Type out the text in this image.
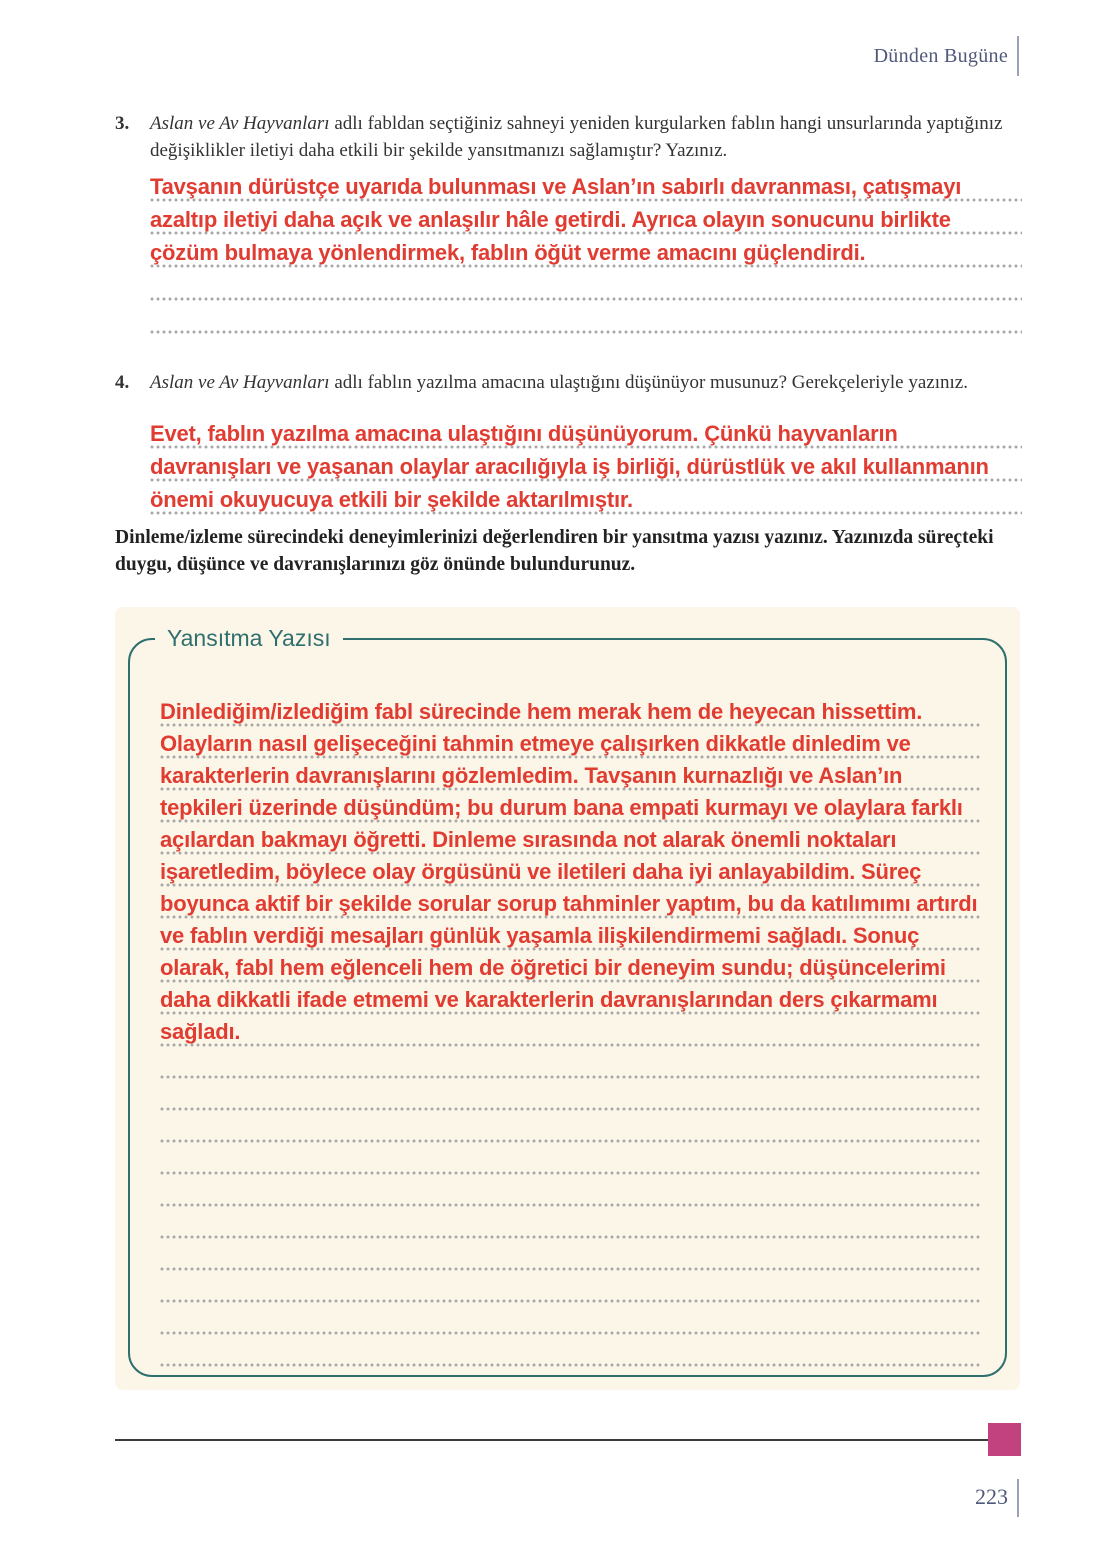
Dünden Bugüne
3.	Aslan ve Av Hayvanları adlı fabldan seçtiğiniz sahneyi yeniden kurgularken fablın hangi unsurlarında yaptığınız değişiklikler iletiyi daha etkili bir şekilde yansıtmanızı sağlamıştır? Yazınız.
Tavşanın dürüstçe uyarıda bulunması ve Aslan’ın sabırlı davranması, çatışmayı azaltıp iletiyi daha açık ve anlaşılır hâle getirdi. Ayrıca olayın sonucunu birlikte çözüm bulmaya yönlendirmek, fablın öğüt verme amacını güçlendirdi.
4.	Aslan ve Av Hayvanları adlı fablın yazılma amacına ulaştığını düşünüyor musunuz? Gerekçeleriyle yazınız.
Evet, fablın yazılma amacına ulaştığını düşünüyorum. Çünkü hayvanların davranışları ve yaşanan olaylar aracılığıyla iş birliği, dürüstlük ve akıl kullanmanın önemi okuyucuya etkili bir şekilde aktarılmıştır.
Dinleme/izleme sürecindeki deneyimlerinizi değerlendiren bir yansıtma yazısı yazınız. Yazınızda süreçteki duygu, düşünce ve davranışlarınızı göz önünde bulundurunuz.
Yansıtma Yazısı
Dinlediğim/izlediğim fabl sürecinde hem merak hem de heyecan hissettim. Olayların nasıl gelişeceğini tahmin etmeye çalışırken dikkatle dinledim ve karakterlerin davranışlarını gözlemledim. Tavşanın kurnazlığı ve Aslan’ın tepkileri üzerinde düşündüm; bu durum bana empati kurmayı ve olaylara farklı açılardan bakmayı öğretti. Dinleme sırasında not alarak önemli noktaları işaretledim, böylece olay örgüsünü ve iletileri daha iyi anlayabildim. Süreç boyunca aktif bir şekilde sorular sorup tahminler yaptım, bu da katılımımı artırdı ve fablın verdiği mesajları günlük yaşamla ilişkilendirmemi sağladı. Sonuç olarak, fabl hem eğlenceli hem de öğretici bir deneyim sundu; düşüncelerimi daha dikkatli ifade etmemi ve karakterlerin davranışlarından ders çıkarmamı sağladı.
223
